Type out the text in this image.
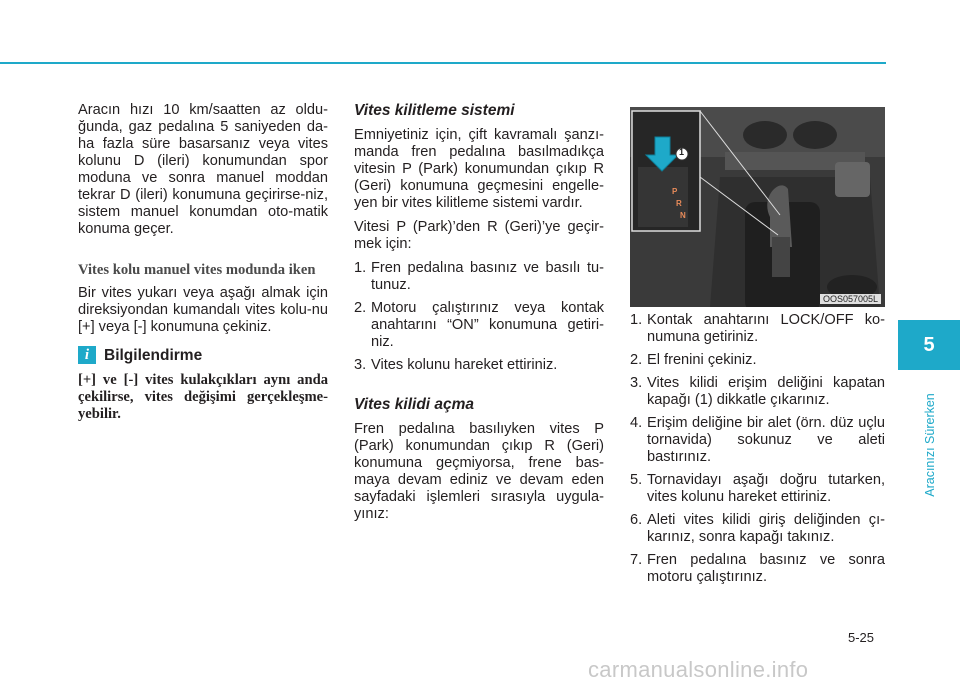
Aracın hızı 10 km/saatten az oldu-ğunda, gaz pedalına 5 saniyeden da-ha fazla süre basarsanız veya vites kolunu D (ileri) konumundan spor moduna ve sonra manuel moddan tekrar D (ileri) konumuna geçirirse-niz, sistem manuel konumdan oto-matik konuma geçer.

Vites kolu manuel vites modunda iken

Bir vites yukarı veya aşağı almak için direksiyondan kumandalı vites kolu-nu [+] veya [-] konumuna çekiniz.

i Bilgilendirme
[+] ve [-] vites kulakçıkları aynı anda çekilirse, vites değişimi gerçekleşme-yebilir.
Vites kilitleme sistemi

Emniyetiniz için, çift kavramalı şanzı-manda fren pedalına basılmadıkça vitesin P (Park) konumundan çıkıp R (Geri) konumuna geçmesini engelle-yen bir vites kilitleme sistemi vardır.

Vitesi P (Park)’den R (Geri)’ye geçir-mek için:

1. Fren pedalına basınız ve basılı tu-tunuz.
2. Motoru çalıştırınız veya kontak anahtarını “ON” konumuna getiri-niz.
3. Vites kolunu hareket ettiriniz.
Vites kilidi açma

Fren pedalına basılıyken vites P (Park) konumundan çıkıp R (Geri) konumuna geçmiyorsa, frene bas-maya devam ediniz ve devam eden sayfadaki işlemleri sırasıyla uygula-yınız:

1
P
R
N
OOS057005L
1. Kontak anahtarını LOCK/OFF ko-numuna getiriniz.
2. El frenini çekiniz.
3. Vites kilidi erişim deliğini kapatan kapağı (1) dikkatle çıkarınız.
4. Erişim deliğine bir alet (örn. düz uçlu tornavida) sokunuz ve aleti bastırınız.
5. Tornavidayı aşağı doğru tutarken, vites kolunu hareket ettiriniz.
6. Aleti vites kilidi giriş deliğinden çı-karınız, sonra kapağı takınız.
7. Fren pedalına basınız ve sonra motoru çalıştırınız.
5
Aracınızı Sürerken
5-25
carmanualsonline.info
